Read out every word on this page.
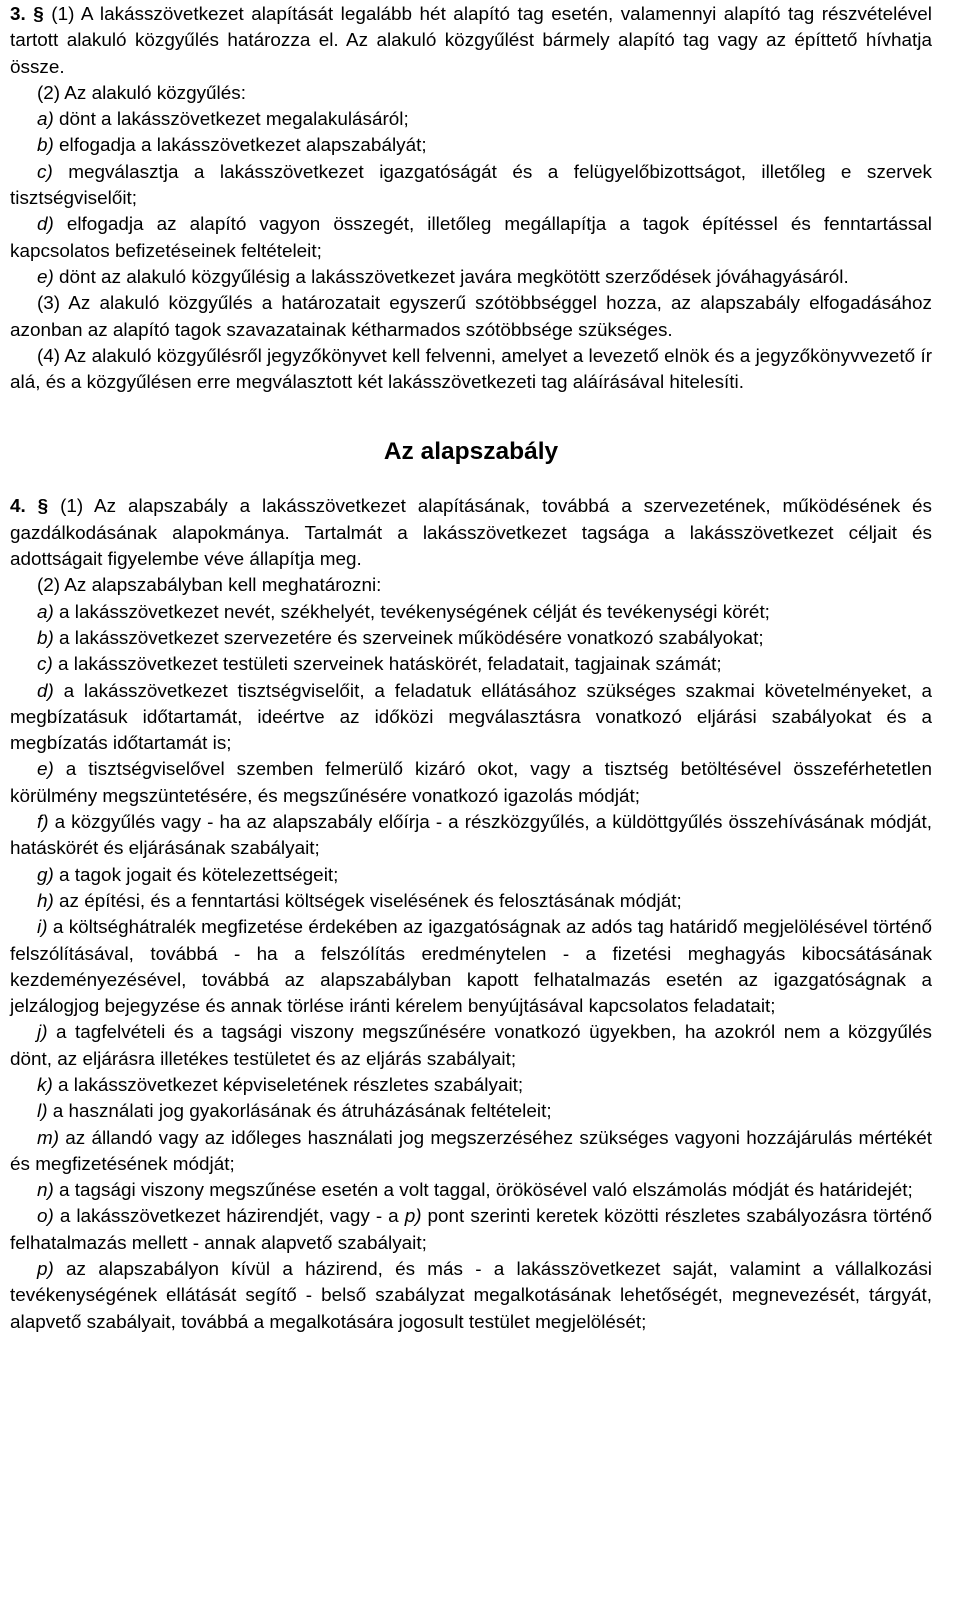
3. § (1) A lakásszövetkezet alapítását legalább hét alapító tag esetén, valamennyi alapító tag részvételével tartott alakuló közgyűlés határozza el. Az alakuló közgyűlést bármely alapító tag vagy az építtető hívhatja össze.

(2) Az alakuló közgyűlés:

a) dönt a lakásszövetkezet megalakulásáról;

b) elfogadja a lakásszövetkezet alapszabályát;

c) megválasztja a lakásszövetkezet igazgatóságát és a felügyelőbizottságot, illetőleg e szervek tisztségviselőit;

d) elfogadja az alapító vagyon összegét, illetőleg megállapítja a tagok építéssel és fenntartással kapcsolatos befizetéseinek feltételeit;

e) dönt az alakuló közgyűlésig a lakásszövetkezet javára megkötött szerződések jóváhagyásáról.

(3) Az alakuló közgyűlés a határozatait egyszerű szótöbbséggel hozza, az alapszabály elfogadásához azonban az alapító tagok szavazatainak kétharmados szótöbbsége szükséges.

(4) Az alakuló közgyűlésről jegyzőkönyvet kell felvenni, amelyet a levezető elnök és a jegyzőkönyvvezető ír alá, és a közgyűlésen erre megválasztott két lakásszövetkezeti tag aláírásával hitelesíti.

Az alapszabály

4. § (1) Az alapszabály a lakásszövetkezet alapításának, továbbá a szervezetének, működésének és gazdálkodásának alapokmánya. Tartalmát a lakásszövetkezet tagsága a lakásszövetkezet céljait és adottságait figyelembe véve állapítja meg.

(2) Az alapszabályban kell meghatározni:

a) a lakásszövetkezet nevét, székhelyét, tevékenységének célját és tevékenységi körét;

b) a lakásszövetkezet szervezetére és szerveinek működésére vonatkozó szabályokat;

c) a lakásszövetkezet testületi szerveinek hatáskörét, feladatait, tagjainak számát;

d) a lakásszövetkezet tisztségviselőit, a feladatuk ellátásához szükséges szakmai követelményeket, a megbízatásuk időtartamát, ideértve az időközi megválasztásra vonatkozó eljárási szabályokat és a megbízatás időtartamát is;

e) a tisztségviselővel szemben felmerülő kizáró okot, vagy a tisztség betöltésével összeférhetetlen körülmény megszüntetésére, és megszűnésére vonatkozó igazolás módját;

f) a közgyűlés vagy - ha az alapszabály előírja - a részközgyűlés, a küldöttgyűlés összehívásának módját, hatáskörét és eljárásának szabályait;

g) a tagok jogait és kötelezettségeit;

h) az építési, és a fenntartási költségek viselésének és felosztásának módját;

i) a költséghátralék megfizetése érdekében az igazgatóságnak az adós tag határidő megjelölésével történő felszólításával, továbbá - ha a felszólítás eredménytelen - a fizetési meghagyás kibocsátásának kezdeményezésével, továbbá az alapszabályban kapott felhatalmazás esetén az igazgatóságnak a jelzálogjog bejegyzése és annak törlése iránti kérelem benyújtásával kapcsolatos feladatait;

j) a tagfelvételi és a tagsági viszony megszűnésére vonatkozó ügyekben, ha azokról nem a közgyűlés dönt, az eljárásra illetékes testületet és az eljárás szabályait;

k) a lakásszövetkezet képviseletének részletes szabályait;

l) a használati jog gyakorlásának és átruházásának feltételeit;

m) az állandó vagy az időleges használati jog megszerzéséhez szükséges vagyoni hozzájárulás mértékét és megfizetésének módját;

n) a tagsági viszony megszűnése esetén a volt taggal, örökösével való elszámolás módját és határidejét;

o) a lakásszövetkezet házirendjét, vagy - a p) pont szerinti keretek közötti részletes szabályozásra történő felhatalmazás mellett - annak alapvető szabályait;

p) az alapszabályon kívül a házirend, és más - a lakásszövetkezet saját, valamint a vállalkozási tevékenységének ellátását segítő - belső szabályzat megalkotásának lehetőségét, megnevezését, tárgyát, alapvető szabályait, továbbá a megalkotására jogosult testület megjelölését;
